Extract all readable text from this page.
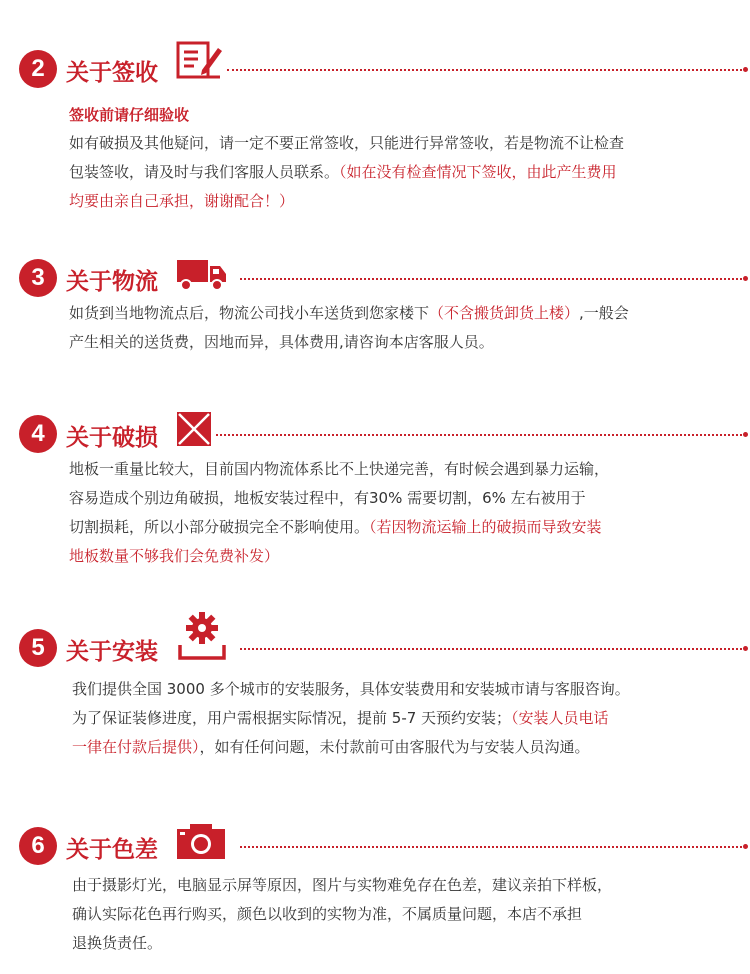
2 关于签收
签收前请仔细验收
如有破损及其他疑问，请一定不要正常签收，只能进行异常签收，若是物流不让检查
包装签收，请及时与我们客服人员联系。（如在没有检查情况下签收，由此产生费用
均要由亲自己承担，谢谢配合！）
3 关于物流
如货到当地物流点后，物流公司找小车送货到您家楼下（不含搬货卸货上楼）,一般会
产生相关的送货费，因地而异，具体费用,请咨询本店客服人员。
4 关于破损
地板一重量比较大，目前国内物流体系比不上快递完善，有时候会遇到暴力运输，
容易造成个别边角破损，地板安装过程中，有30% 需要切割，6% 左右被用于
切割损耗，所以小部分破损完全不影响使用。（若因物流运输上的破损而导致安装
地板数量不够我们会免费补发）
5 关于安装
我们提供全国 3000 多个城市的安装服务，具体安装费用和安装城市请与客服咨询。
为了保证装修进度，用户需根据实际情况，提前 5-7 天预约安装；（安装人员电话
一律在付款后提供），如有任何问题，未付款前可由客服代为与安装人员沟通。
6 关于色差
由于摄影灯光，电脑显示屏等原因，图片与实物难免存在色差，建议亲拍下样板，
确认实际花色再行购买，颜色以收到的实物为准，不属质量问题，本店不承担
退换货责任。
